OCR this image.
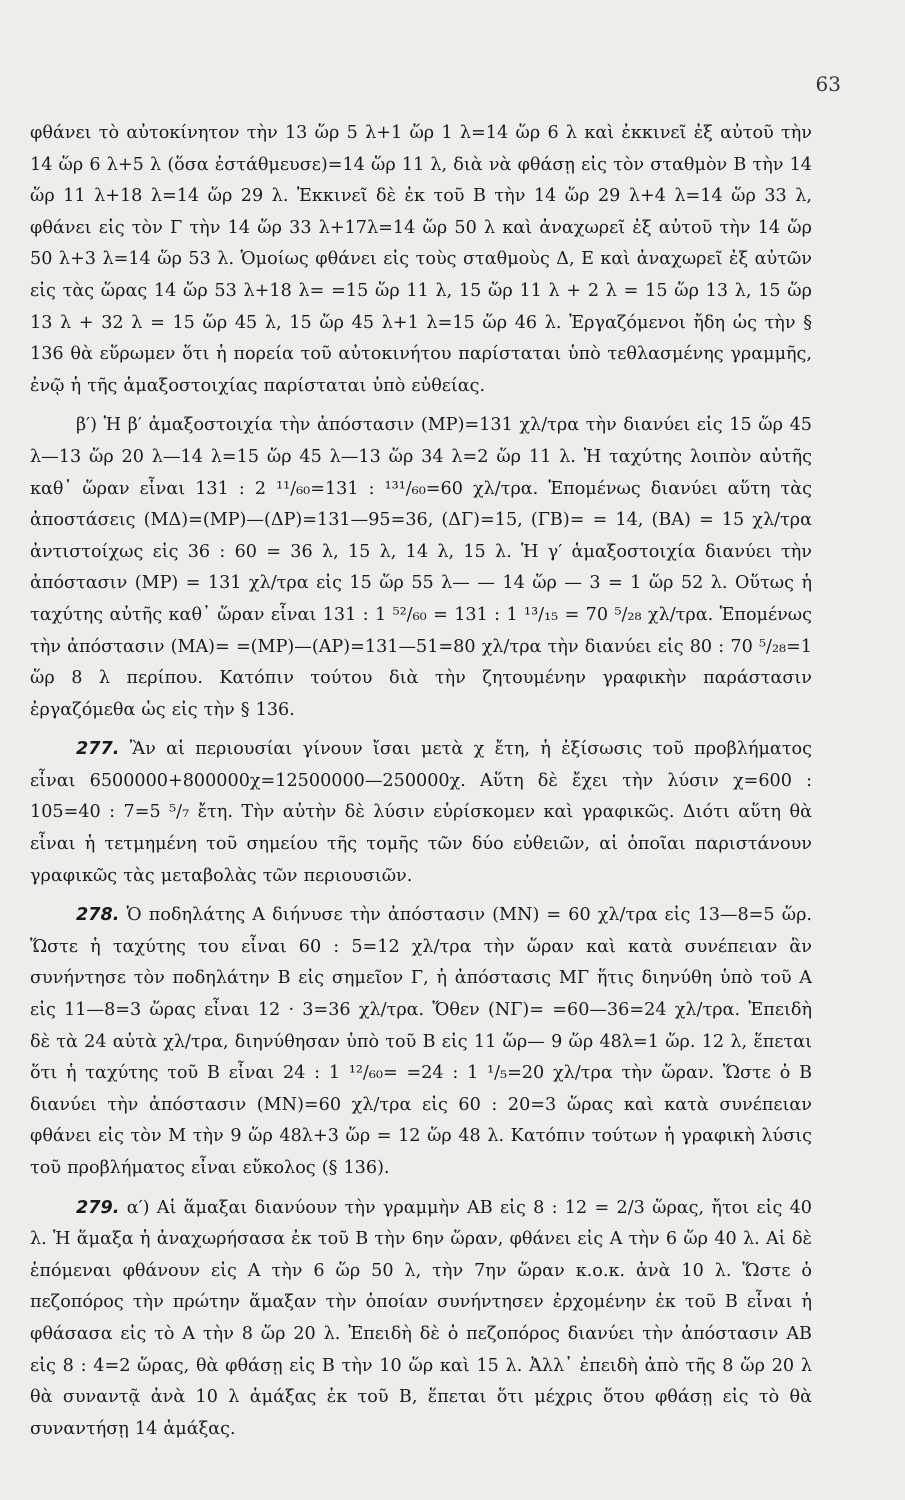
63

φθάνει τὸ αὐτοκίνητον τὴν 13 ὥρ 5 λ+1 ὥρ 1 λ=14 ὥρ 6 λ καὶ ἐκκινεῖ ἐξ αὐτοῦ τὴν 14 ὥρ 6 λ+5 λ (ὅσα ἐστάθμευσε)=14 ὥρ 11 λ, διὰ νὰ φθάσῃ εἰς τὸν σταθμὸν Β τὴν 14 ὥρ 11 λ+18 λ=14 ὥρ 29 λ. Ἐκκινεῖ δὲ ἐκ τοῦ Β τὴν 14 ὥρ 29 λ+4 λ=14 ὥρ 33 λ, φθάνει εἰς τὸν Γ τὴν 14 ὥρ 33 λ+17λ=14 ὥρ 50 λ καὶ ἀναχωρεῖ ἐξ αὐτοῦ τὴν 14 ὥρ 50 λ+3 λ=14 ὥρ 53 λ. Ὁμοίως φθάνει εἰς τοὺς σταθμοὺς Δ, Ε καὶ ἀναχωρεῖ ἐξ αὐτῶν εἰς τὰς ὥρας 14 ὥρ 53 λ+18 λ= =15 ὥρ 11 λ, 15 ὥρ 11 λ + 2 λ = 15 ὥρ 13 λ, 15 ὥρ 13 λ + 32 λ = 15 ὥρ 45 λ, 15 ὥρ 45 λ+1 λ=15 ὥρ 46 λ. Ἐργαζόμενοι ἤδη ὡς τὴν § 136 θὰ εὕρωμεν ὅτι ἡ πορεία τοῦ αὐτοκινήτου παρίσταται ὑπὸ τεθλασμένης γραμμῆς, ἐνῷ ἡ τῆς ἁμαξοστοιχίας παρίσταται ὑπὸ εὐθείας.

β′) Ἡ β′ ἁμαξοστοιχία τὴν ἀπόστασιν (ΜΡ)=131 χλ/τρα τὴν διανύει εἰς 15 ὥρ 45 λ—13 ὥρ 20 λ—14 λ=15 ὥρ 45 λ—13 ὥρ 34 λ=2 ὥρ 11 λ. Ἡ ταχύτης λοιπὸν αὐτῆς καθ᾽ ὥραν εἶναι 131 : 2 ¹¹/₆₀=131 : ¹³¹/₆₀=60 χλ/τρα. Ἑπομένως διανύει αὕτη τὰς ἀποστάσεις (ΜΔ)=(ΜΡ)—(ΔΡ)=131—95=36, (ΔΓ)=15, (ΓΒ)= = 14, (ΒΑ) = 15 χλ/τρα ἀντιστοίχως εἰς 36 : 60 = 36 λ, 15 λ, 14 λ, 15 λ. Ἡ γ′ ἁμαξοστοιχία διανύει τὴν ἀπόστασιν (ΜΡ) = 131 χλ/τρα εἰς 15 ὥρ 55 λ— — 14 ὥρ — 3 = 1 ὥρ 52 λ. Οὕτως ἡ ταχύτης αὐτῆς καθ᾽ ὥραν εἶναι 131 : 1 ⁵²/₆₀ = 131 : 1 ¹³/₁₅ = 70 ⁵/₂₈ χλ/τρα. Ἑπομένως τὴν ἀπόστασιν (ΜΑ)= =(ΜΡ)—(ΑΡ)=131—51=80 χλ/τρα τὴν διανύει εἰς 80 : 70 ⁵/₂₈=1 ὥρ 8 λ περίπου. Κατόπιν τούτου διὰ τὴν ζητουμένην γραφικὴν παράστασιν ἐργαζόμεθα ὡς εἰς τὴν § 136.

277. Ἂν αἱ περιουσίαι γίνουν ἴσαι μετὰ χ ἔτη, ἡ ἐξίσωσις τοῦ προβλήματος εἶναι 6500000+800000χ=12500000—250000χ. Αὕτη δὲ ἔχει τὴν λύσιν χ=600 : 105=40 : 7=5 ⁵/₇ ἔτη. Τὴν αὐτὴν δὲ λύσιν εὑρίσκομεν καὶ γραφικῶς. Διότι αὕτη θὰ εἶναι ἡ τετμημένη τοῦ σημείου τῆς τομῆς τῶν δύο εὐθειῶν, αἱ ὁποῖαι παριστάνουν γραφικῶς τὰς μεταβολὰς τῶν περιουσιῶν.

278. Ὁ ποδηλάτης Α διήνυσε τὴν ἀπόστασιν (ΜΝ) = 60 χλ/τρα εἰς 13—8=5 ὥρ. Ὥστε ἡ ταχύτης του εἶναι 60 : 5=12 χλ/τρα τὴν ὥραν καὶ κατὰ συνέπειαν ἂν συνήντησε τὸν ποδηλάτην Β εἰς σημεῖον Γ, ἡ ἀπόστασις ΜΓ ἥτις διηνύθη ὑπὸ τοῦ Α εἰς 11—8=3 ὥρας εἶναι 12 · 3=36 χλ/τρα. Ὅθεν (ΝΓ)= =60—36=24 χλ/τρα. Ἐπειδὴ δὲ τὰ 24 αὐτὰ χλ/τρα, διηνύθησαν ὑπὸ τοῦ Β εἰς 11 ὥρ— 9 ὥρ 48λ=1 ὥρ. 12 λ, ἕπεται ὅτι ἡ ταχύτης τοῦ Β εἶναι 24 : 1 ¹²/₆₀= =24 : 1 ¹/₅=20 χλ/τρα τὴν ὥραν. Ὥστε ὁ Β διανύει τὴν ἀπόστασιν (ΜΝ)=60 χλ/τρα εἰς 60 : 20=3 ὥρας καὶ κατὰ συνέπειαν φθάνει εἰς τὸν Μ τὴν 9 ὥρ 48λ+3 ὥρ = 12 ὥρ 48 λ. Κατόπιν τούτων ἡ γραφικὴ λύσις τοῦ προβλήματος εἶναι εὔκολος (§ 136).

279. α′) Αἱ ἅμαξαι διανύουν τὴν γραμμὴν ΑΒ εἰς 8 : 12 = 2/3 ὥρας, ἤτοι εἰς 40 λ. Ἡ ἅμαξα ἡ ἀναχωρήσασα ἐκ τοῦ Β τὴν 6ην ὥραν, φθάνει εἰς Α τὴν 6 ὥρ 40 λ. Αἱ δὲ ἑπόμεναι φθάνουν εἰς Α τὴν 6 ὥρ 50 λ, τὴν 7ην ὥραν κ.ο.κ. ἀνὰ 10 λ. Ὥστε ὁ πεζοπόρος τὴν πρώτην ἅμαξαν τὴν ὁποίαν συνήντησεν ἐρχομένην ἐκ τοῦ Β εἶναι ἡ φθάσασα εἰς τὸ Α τὴν 8 ὥρ 20 λ. Ἐπειδὴ δὲ ὁ πεζοπόρος διανύει τὴν ἀπόστασιν ΑΒ εἰς 8 : 4=2 ὥρας, θὰ φθάσῃ εἰς Β τὴν 10 ὥρ καὶ 15 λ. Ἀλλ᾽ ἐπειδὴ ἀπὸ τῆς 8 ὥρ 20 λ θὰ συναντᾷ ἀνὰ 10 λ ἁμάξας ἐκ τοῦ Β, ἕπεται ὅτι μέχρις ὅτου φθάσῃ εἰς τὸ θὰ συναντήσῃ 14 ἁμάξας.
